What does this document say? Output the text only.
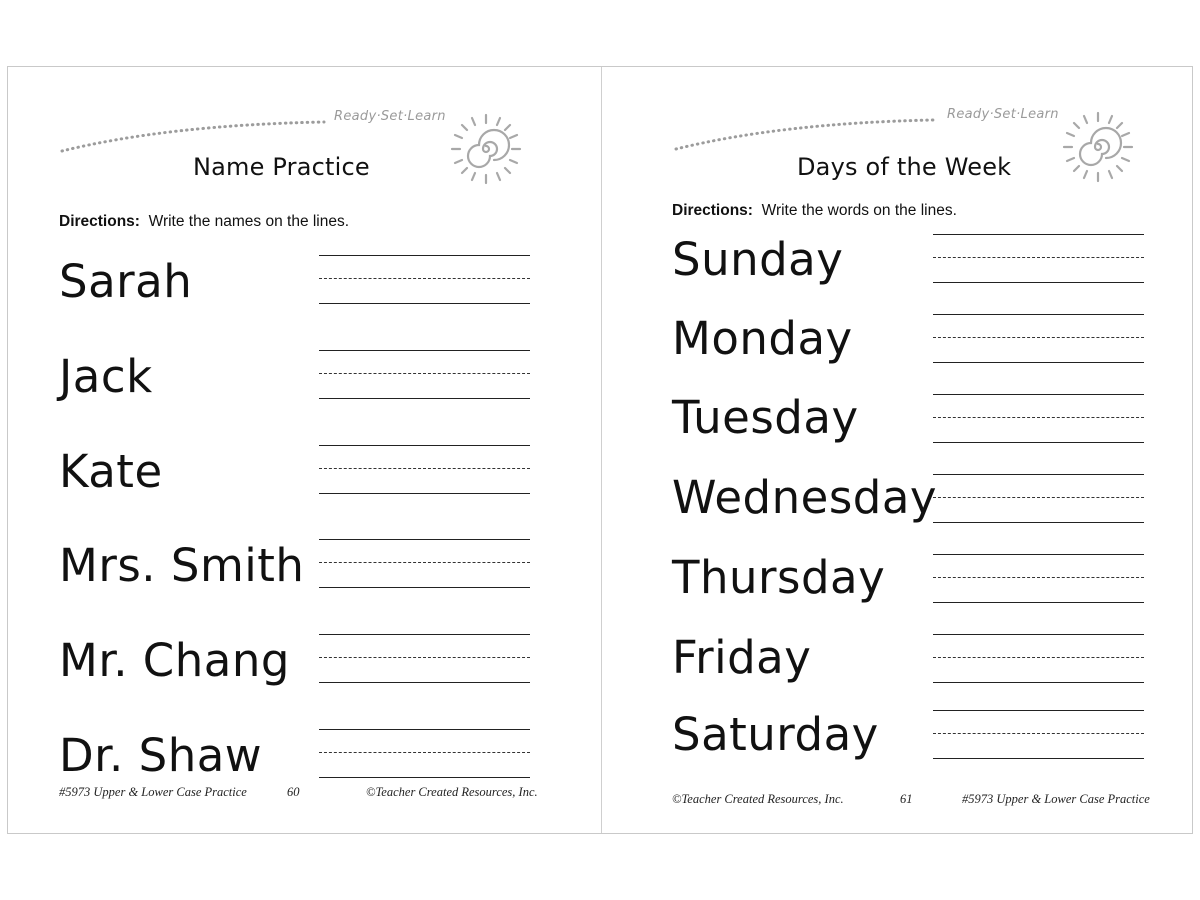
Ready·Set·Learn
Name Practice
Directions: Write the names on the lines.
Sarah
Jack
Kate
Mrs. Smith
Mr. Chang
Dr. Shaw
#5973 Upper & Lower Case Practice	60	©Teacher Created Resources, Inc.
Ready·Set·Learn
Days of the Week
Directions: Write the words on the lines.
Sunday
Monday
Tuesday
Wednesday
Thursday
Friday
Saturday
©Teacher Created Resources, Inc.	61	#5973 Upper & Lower Case Practice
